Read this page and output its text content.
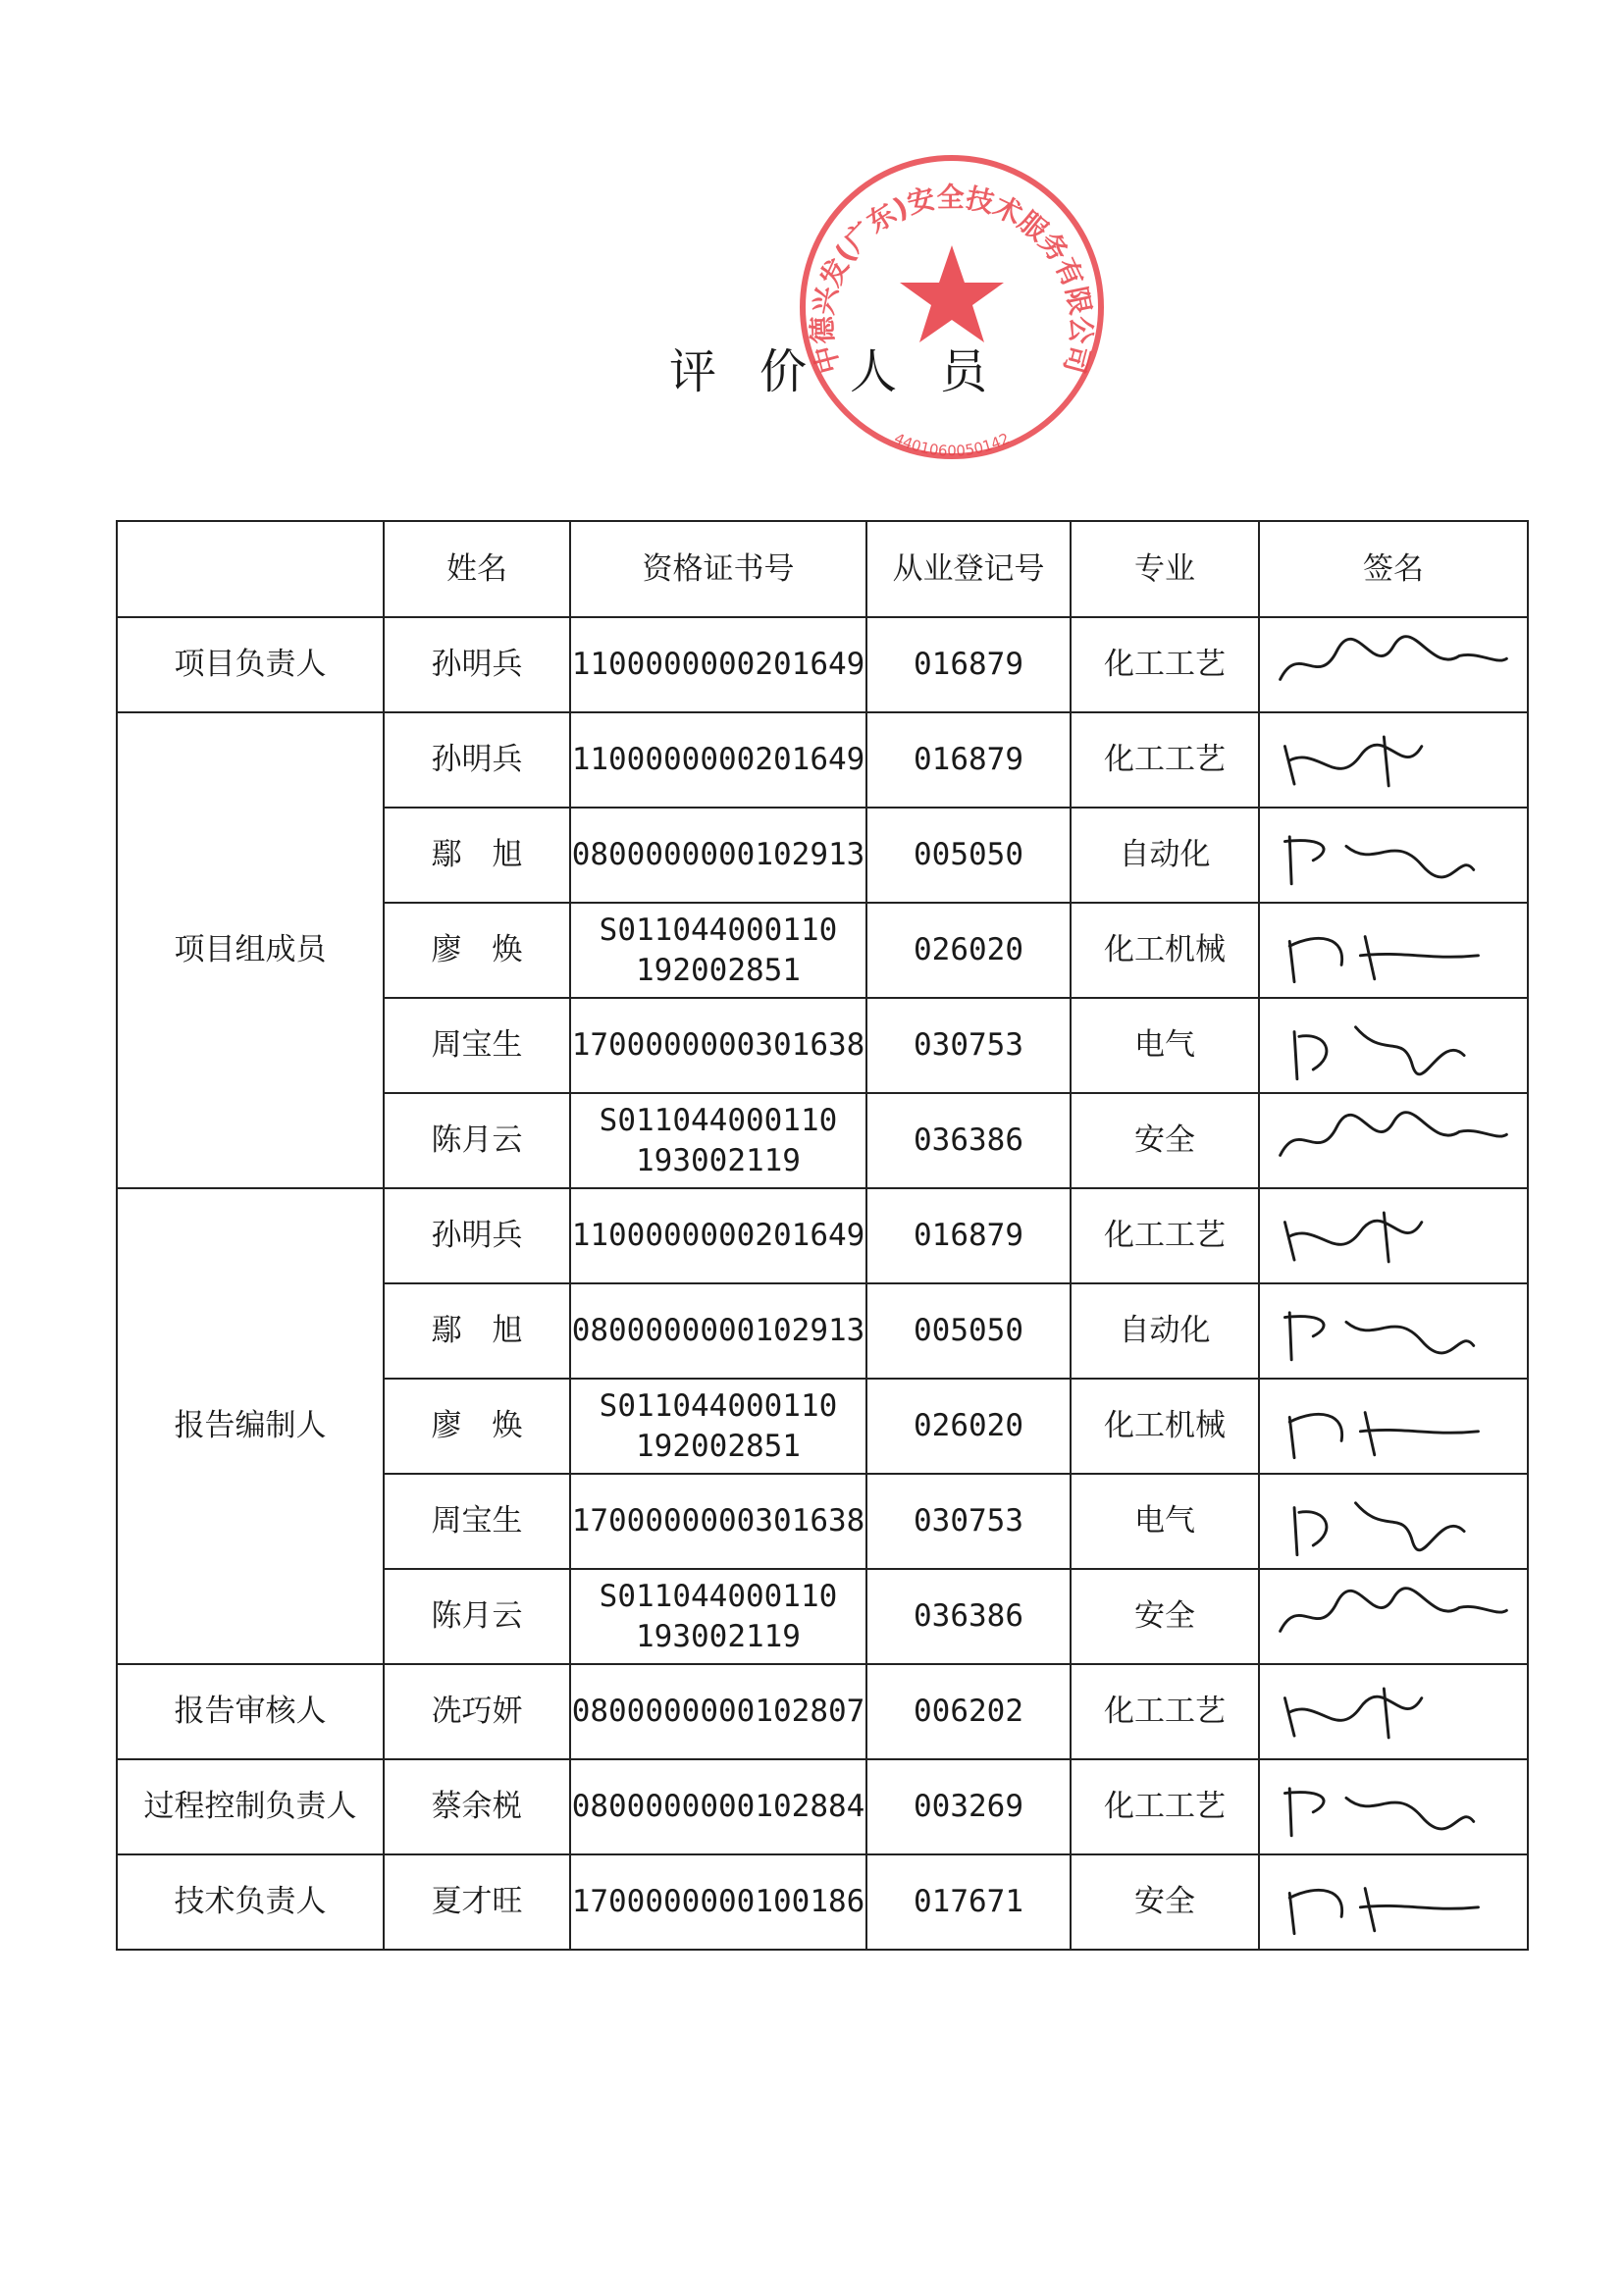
评 价 人 员
中德兴发(广东)安全技术服务有限公司
4401060050142
	姓名	资格证书号	从业登记号	专业	签名
项目负责人	孙明兵	1100000000201649	016879	化工工艺	

项目组成员	孙明兵	1100000000201649	016879	化工工艺	

	鄢　旭	0800000000102913	005050	自动化	

	廖　焕	S011044000110
192002851	026020	化工机械	

	周宝生	1700000000301638	030753	电气	

	陈月云	S011044000110
193002119	036386	安全	

报告编制人	孙明兵	1100000000201649	016879	化工工艺	

	鄢　旭	0800000000102913	005050	自动化	

	廖　焕	S011044000110
192002851	026020	化工机械	

	周宝生	1700000000301638	030753	电气	

	陈月云	S011044000110
193002119	036386	安全	

报告审核人	冼巧妍	0800000000102807	006202	化工工艺	

过程控制负责人	蔡余棁	0800000000102884	003269	化工工艺	

技术负责人	夏才旺	1700000000100186	017671	安全	
